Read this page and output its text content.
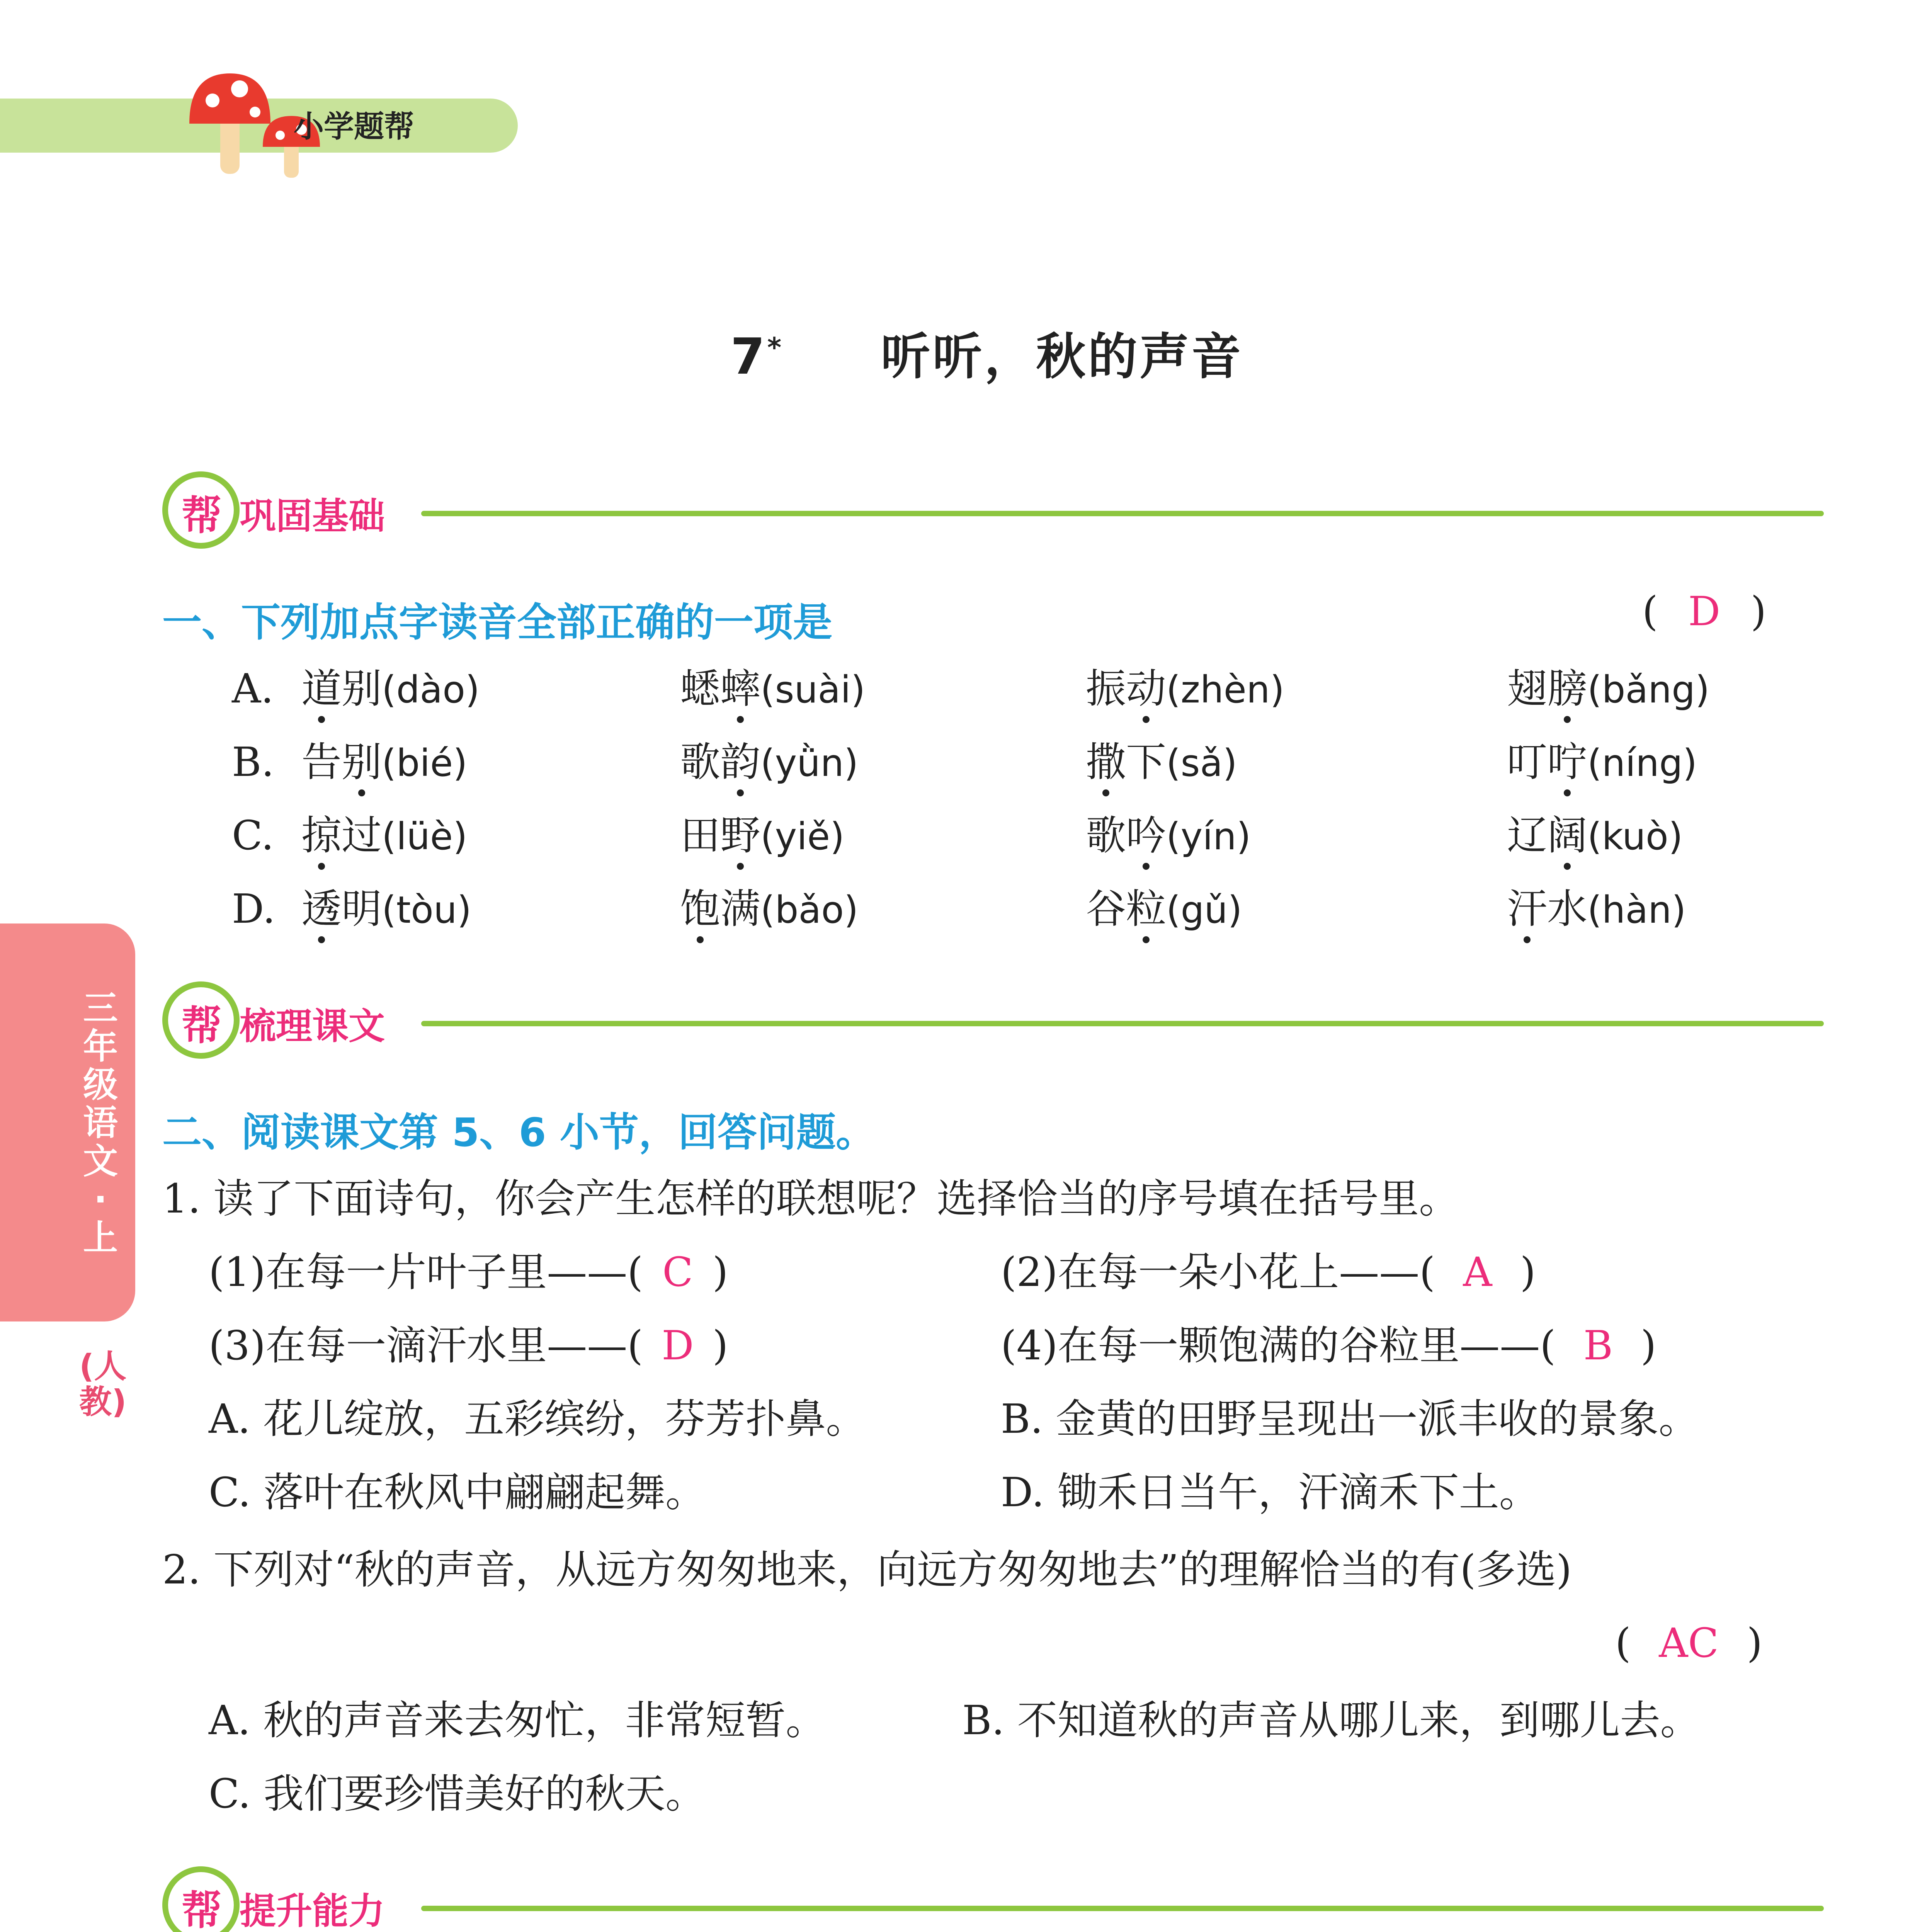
小学题帮
7* 听听，秋的声音
帮 巩固基础
一、下列加点字读音全部正确的一项是	( D )
A. 道别(dào)	蟋蟀(suài)	振动(zhèn)	翅膀(bǎng)
B. 告别(bié)	歌韵(yǜn)	撒下(sǎ)	叮咛(níng)
C. 掠过(lüè)	田野(yiě)	歌吟(yín)	辽阔(kuò)
D. 透明(tòu)	饱满(bǎo)	谷粒(gǔ)	汗水(hàn)
三年级语文·上
(人教)
帮 梳理课文
二、阅读课文第 5、6 小节，回答问题。
1. 读了下面诗句，你会产生怎样的联想呢？选择恰当的序号填在括号里。
(1)在每一片叶子里——( C )	(2)在每一朵小花上——( A )
(3)在每一滴汗水里——( D )	(4)在每一颗饱满的谷粒里——( B )
A. 花儿绽放，五彩缤纷，芬芳扑鼻。	B. 金黄的田野呈现出一派丰收的景象。
C. 落叶在秋风中翩翩起舞。	D. 锄禾日当午，汗滴禾下土。
2. 下列对“秋的声音，从远方匆匆地来，向远方匆匆地去”的理解恰当的有(多选)
( AC )
A. 秋的声音来去匆忙，非常短暂。	B. 不知道秋的声音从哪儿来，到哪儿去。
C. 我们要珍惜美好的秋天。
帮 提升能力
